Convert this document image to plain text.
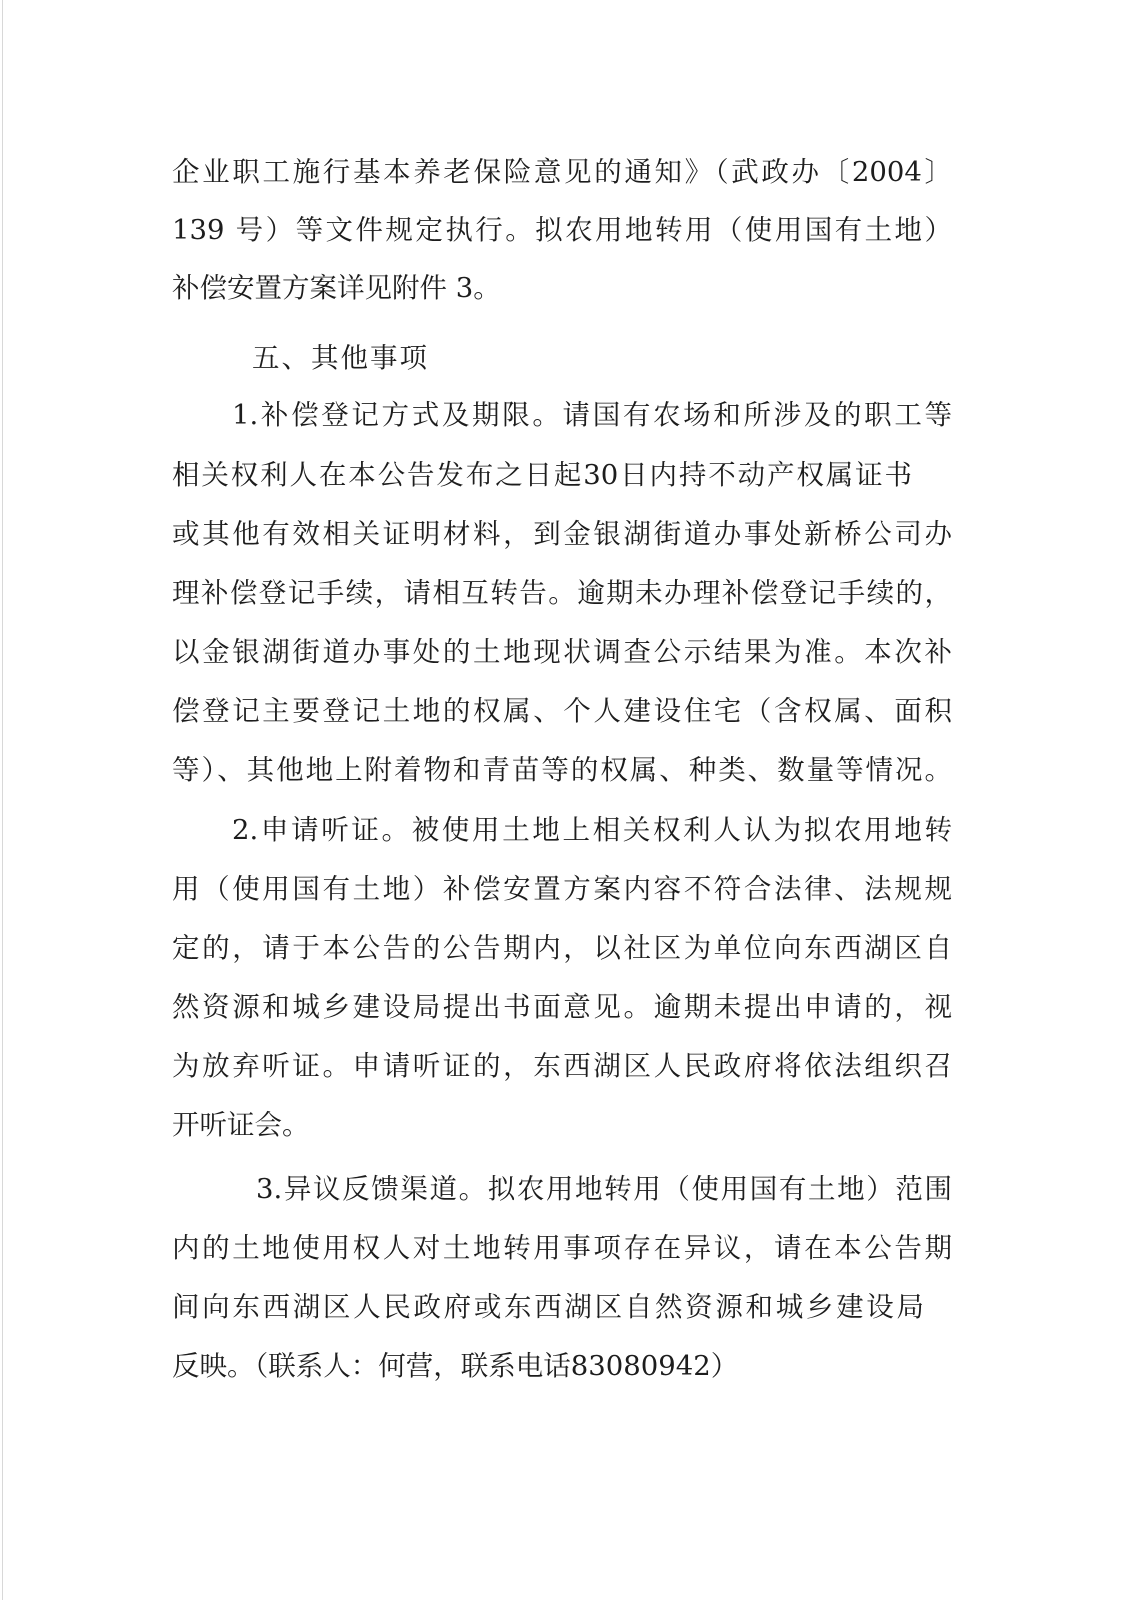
企业职工施行基本养老保险意见的通知》（武政办〔2004〕
139 号）等文件规定执行。拟农用地转用（使用国有土地）
补偿安置方案详见附件 3。
五、其他事项
1.补偿登记方式及期限。请国有农场和所涉及的职工等
相关权利人在本公告发布之日起30日内持不动产权属证书
或其他有效相关证明材料，到金银湖街道办事处新桥公司办
理补偿登记手续，请相互转告。逾期未办理补偿登记手续的，
以金银湖街道办事处的土地现状调查公示结果为准。本次补
偿登记主要登记土地的权属、个人建设住宅（含权属、面积
等）、其他地上附着物和青苗等的权属、种类、数量等情况。
2.申请听证。被使用土地上相关权利人认为拟农用地转
用（使用国有土地）补偿安置方案内容不符合法律、法规规
定的，请于本公告的公告期内，以社区为单位向东西湖区自
然资源和城乡建设局提出书面意见。逾期未提出申请的，视
为放弃听证。申请听证的，东西湖区人民政府将依法组织召
开听证会。
3.异议反馈渠道。拟农用地转用（使用国有土地）范围
内的土地使用权人对土地转用事项存在异议，请在本公告期
间向东西湖区人民政府或东西湖区自然资源和城乡建设局
反映。（联系人：何营，联系电话83080942）
